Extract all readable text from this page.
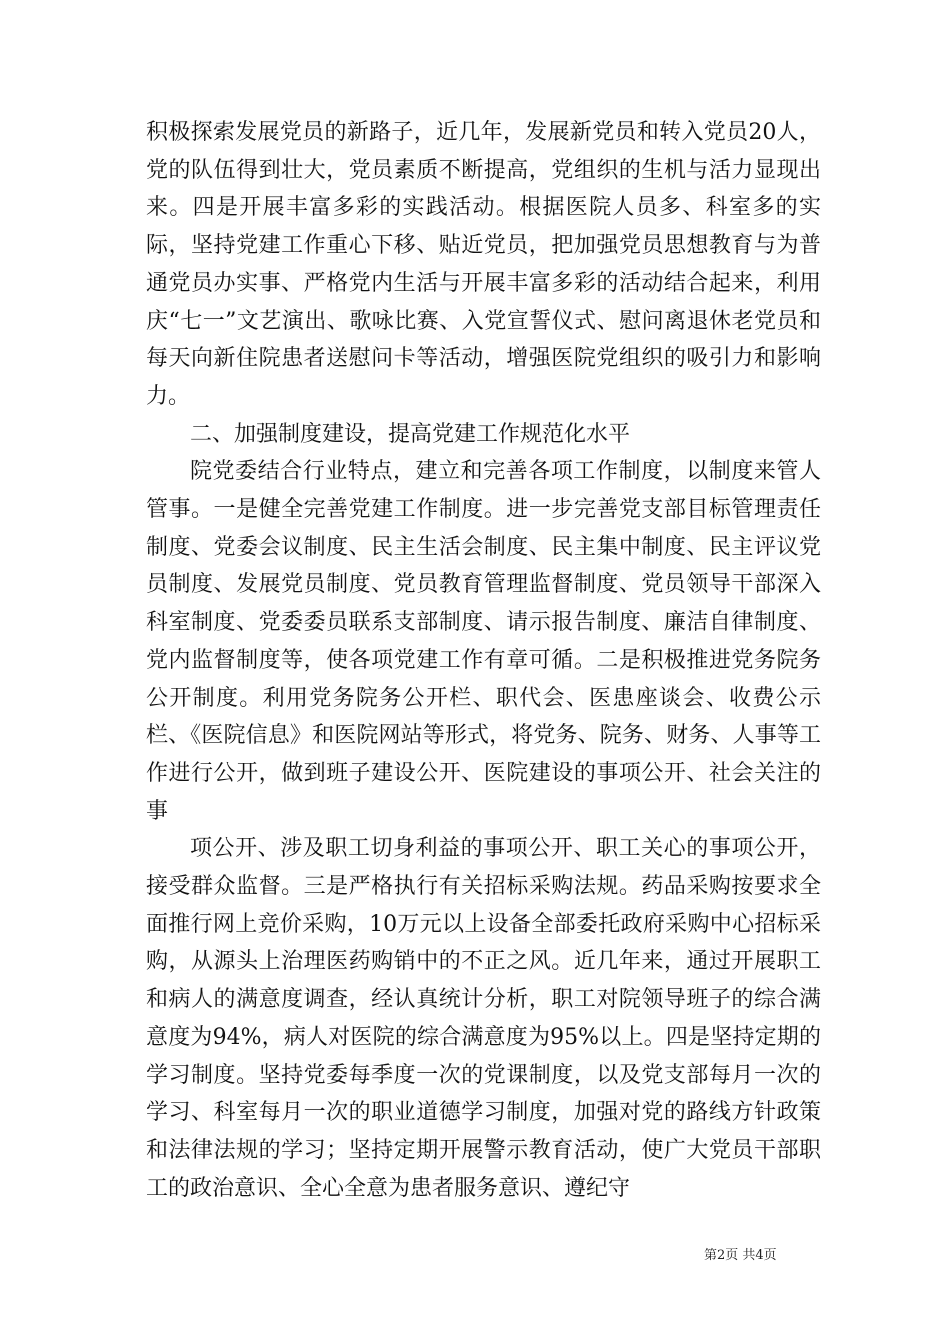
积极探索发展党员的新路子，近几年，发展新党员和转入党员20人，党的队伍得到壮大，党员素质不断提高，党组织的生机与活力显现出来。四是开展丰富多彩的实践活动。根据医院人员多、科室多的实际，坚持党建工作重心下移、贴近党员，把加强党员思想教育与为普通党员办实事、严格党内生活与开展丰富多彩的活动结合起来，利用庆“七一”文艺演出、歌咏比赛、入党宣誓仪式、慰问离退休老党员和每天向新住院患者送慰问卡等活动，增强医院党组织的吸引力和影响力。

二、加强制度建设，提高党建工作规范化水平

院党委结合行业特点，建立和完善各项工作制度，以制度来管人管事。一是健全完善党建工作制度。进一步完善党支部目标管理责任制度、党委会议制度、民主生活会制度、民主集中制度、民主评议党员制度、发展党员制度、党员教育管理监督制度、党员领导干部深入科室制度、党委委员联系支部制度、请示报告制度、廉洁自律制度、党内监督制度等，使各项党建工作有章可循。二是积极推进党务院务公开制度。利用党务院务公开栏、职代会、医患座谈会、收费公示栏、《医院信息》和医院网站等形式，将党务、院务、财务、人事等工作进行公开，做到班子建设公开、医院建设的事项公开、社会关注的事

项公开、涉及职工切身利益的事项公开、职工关心的事项公开，接受群众监督。三是严格执行有关招标采购法规。药品采购按要求全面推行网上竞价采购，10万元以上设备全部委托政府采购中心招标采购，从源头上治理医药购销中的不正之风。近几年来，通过开展职工和病人的满意度调查，经认真统计分析，职工对院领导班子的综合满意度为94%，病人对医院的综合满意度为95%以上。四是坚持定期的学习制度。坚持党委每季度一次的党课制度，以及党支部每月一次的学习、科室每月一次的职业道德学习制度，加强对党的路线方针政策和法律法规的学习；坚持定期开展警示教育活动，使广大党员干部职工的政治意识、全心全意为患者服务意识、遵纪守

第2页 共4页
